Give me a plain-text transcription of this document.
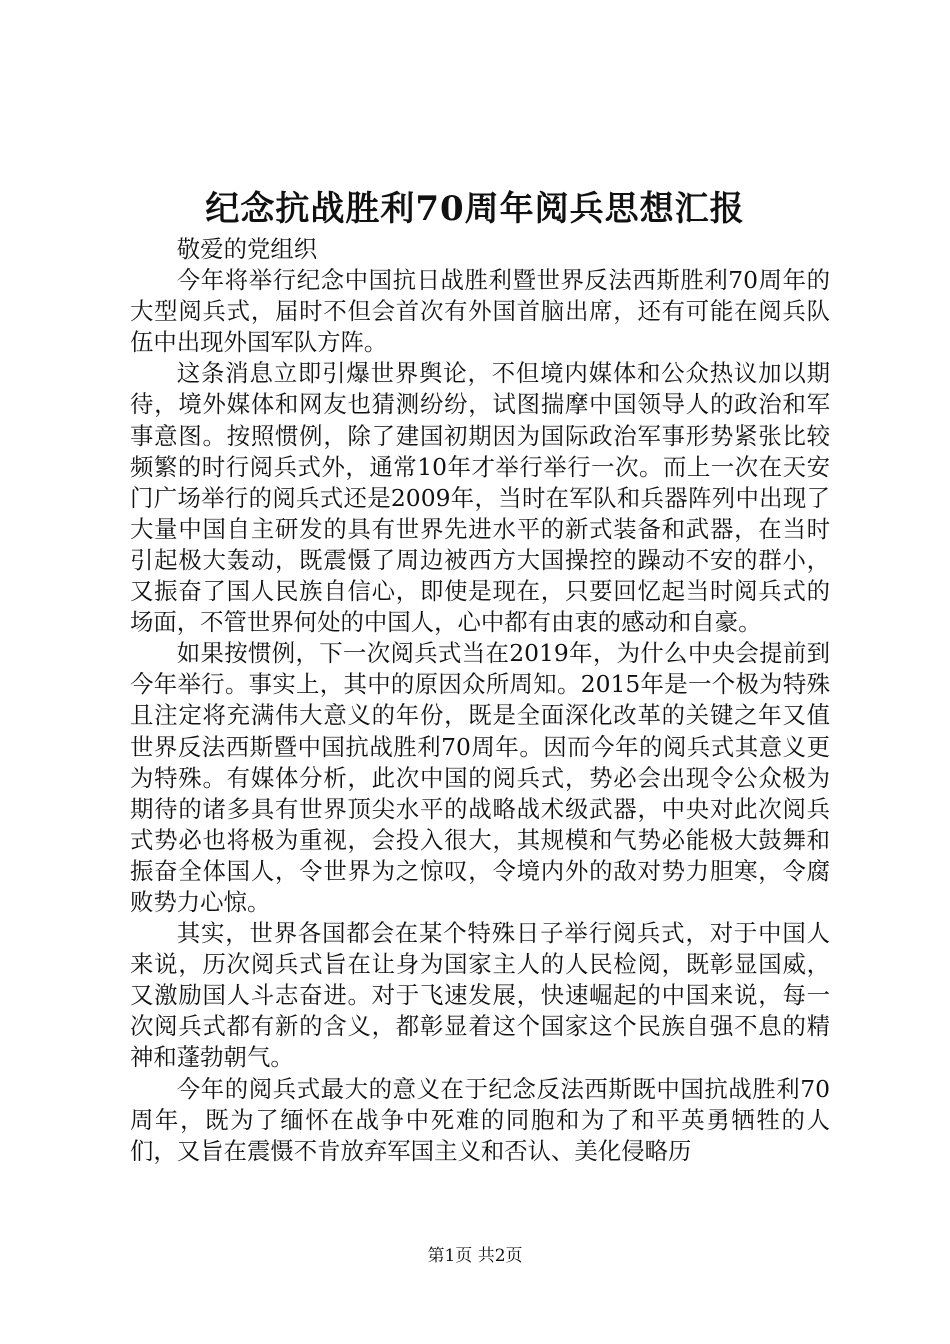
纪念抗战胜利70周年阅兵思想汇报

敬爱的党组织

今年将举行纪念中国抗日战胜利暨世界反法西斯胜利70周年的大型阅兵式，届时不但会首次有外国首脑出席，还有可能在阅兵队伍中出现外国军队方阵。

这条消息立即引爆世界舆论，不但境内媒体和公众热议加以期待，境外媒体和网友也猜测纷纷，试图揣摩中国领导人的政治和军事意图。按照惯例，除了建国初期因为国际政治军事形势紧张比较频繁的时行阅兵式外，通常10年才举行举行一次。而上一次在天安门广场举行的阅兵式还是2009年，当时在军队和兵器阵列中出现了大量中国自主研发的具有世界先进水平的新式装备和武器，在当时引起极大轰动，既震慑了周边被西方大国操控的躁动不安的群小，又振奋了国人民族自信心，即使是现在，只要回忆起当时阅兵式的场面，不管世界何处的中国人，心中都有由衷的感动和自豪。

如果按惯例，下一次阅兵式当在2019年，为什么中央会提前到今年举行。事实上，其中的原因众所周知。2015年是一个极为特殊且注定将充满伟大意义的年份，既是全面深化改革的关键之年又值世界反法西斯暨中国抗战胜利70周年。因而今年的阅兵式其意义更为特殊。有媒体分析，此次中国的阅兵式，势必会出现令公众极为期待的诸多具有世界顶尖水平的战略战术级武器，中央对此次阅兵式势必也将极为重视，会投入很大，其规模和气势必能极大鼓舞和振奋全体国人，令世界为之惊叹，令境内外的敌对势力胆寒，令腐败势力心惊。

其实，世界各国都会在某个特殊日子举行阅兵式，对于中国人来说，历次阅兵式旨在让身为国家主人的人民检阅，既彰显国威，又激励国人斗志奋进。对于飞速发展，快速崛起的中国来说，每一次阅兵式都有新的含义，都彰显着这个国家这个民族自强不息的精神和蓬勃朝气。

今年的阅兵式最大的意义在于纪念反法西斯既中国抗战胜利70周年，既为了缅怀在战争中死难的同胞和为了和平英勇牺牲的人们，又旨在震慑不肯放弃军国主义和否认、美化侵略历

第1页 共2页
